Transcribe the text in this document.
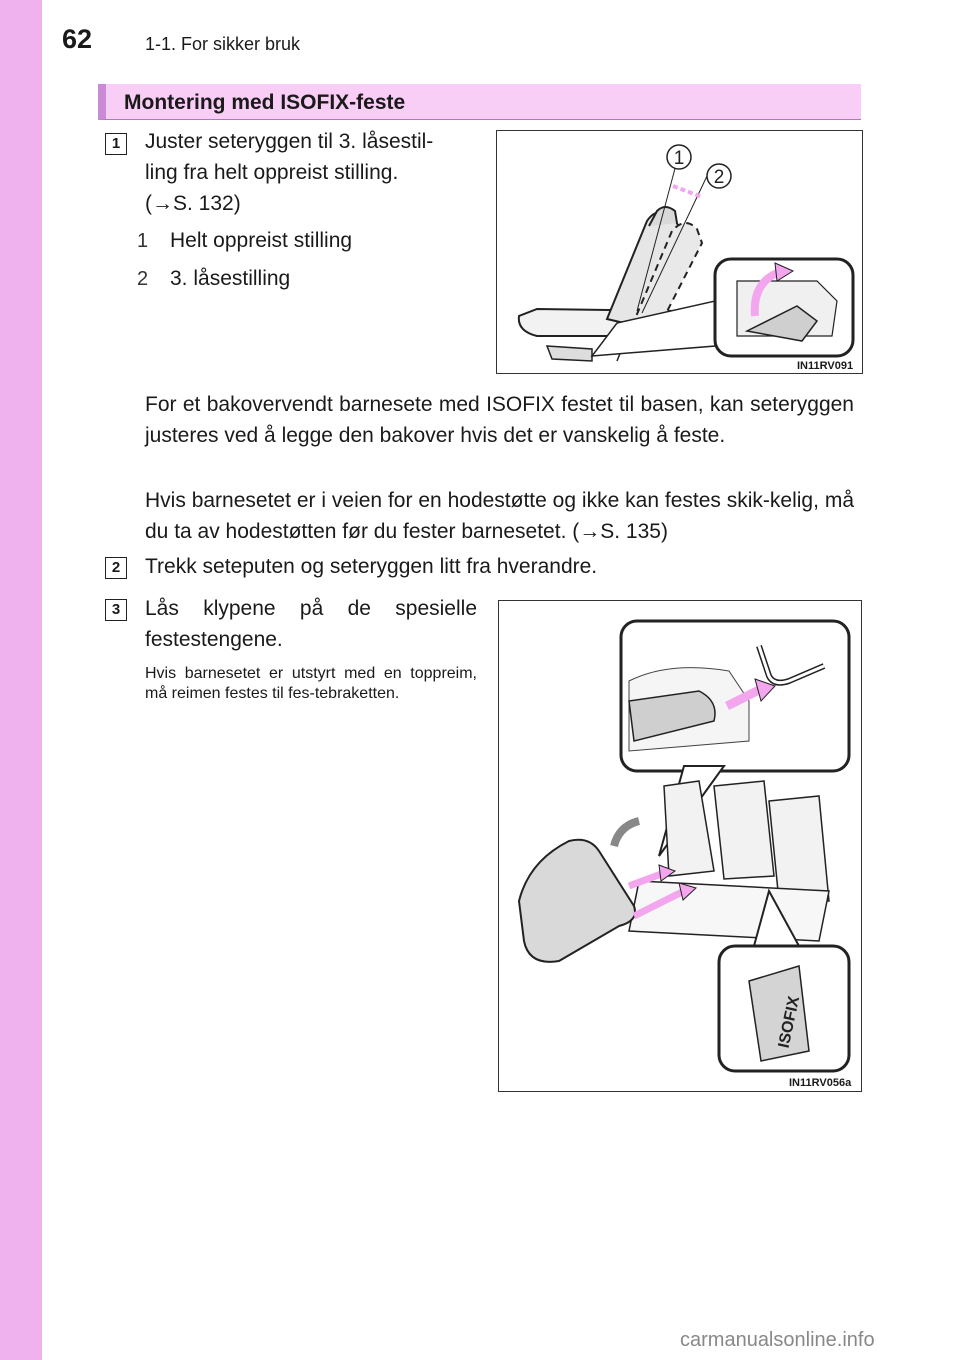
62	1-1. For sikker bruk
Montering med ISOFIX-feste
1	Juster seteryggen til 3. låsestil-
ling fra helt oppreist stilling.
(→S. 132)
1 Helt oppreist stilling
2 3. låsestilling
1
2
IN11RV091
For et bakovervendt barnesete med ISOFIX festet til basen, kan seteryggen justeres ved å legge den bakover hvis det er vanskelig å feste.
Hvis barnesetet er i veien for en hodestøtte og ikke kan festes skik-kelig, må du ta av hodestøtten før du fester barnesetet. (→S. 135)
2	Trekk seteputen og seteryggen litt fra hverandre.
3	Lås klypene på de spesielle festestengene.
Hvis barnesetet er utstyrt med en toppreim, må reimen festes til fes-tebraketten.
ISOFIX
IN11RV056a
carmanualsonline.info
